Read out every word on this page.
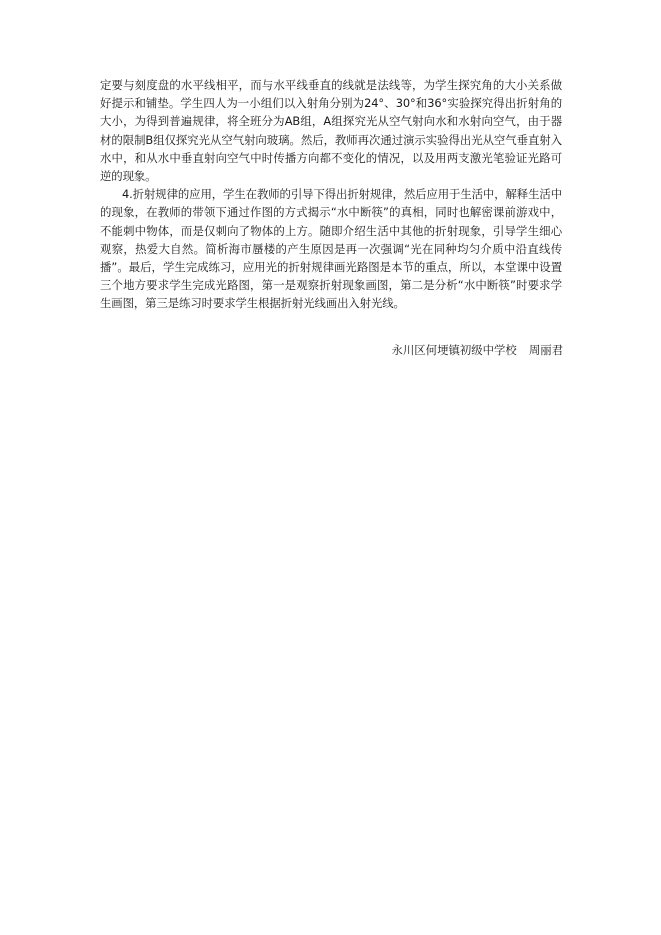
定要与刻度盘的水平线相平，而与水平线垂直的线就是法线等，为学生探究角的大小关系做好提示和铺垫。学生四人为一小组们以入射角分别为24°、30°和36°实验探究得出折射角的大小，为得到普遍规律，将全班分为AB组，A组探究光从空气射向水和水射向空气，由于器材的限制B组仅探究光从空气射向玻璃。然后，教师再次通过演示实验得出光从空气垂直射入水中，和从水中垂直射向空气中时传播方向都不变化的情况，以及用两支激光笔验证光路可逆的现象。

4.折射规律的应用，学生在教师的引导下得出折射规律，然后应用于生活中，解释生活中的现象，在教师的带领下通过作图的方式揭示“水中断筷”的真相，同时也解密课前游戏中，不能刺中物体，而是仅刺向了物体的上方。随即介绍生活中其他的折射现象，引导学生细心观察，热爱大自然。简析海市蜃楼的产生原因是再一次强调“光在同种均匀介质中沿直线传播”。最后，学生完成练习，应用光的折射规律画光路图是本节的重点，所以，本堂课中设置三个地方要求学生完成光路图，第一是观察折射现象画图，第二是分析“水中断筷”时要求学生画图，第三是练习时要求学生根据折射光线画出入射光线。

永川区何埂镇初级中学校 周丽君
